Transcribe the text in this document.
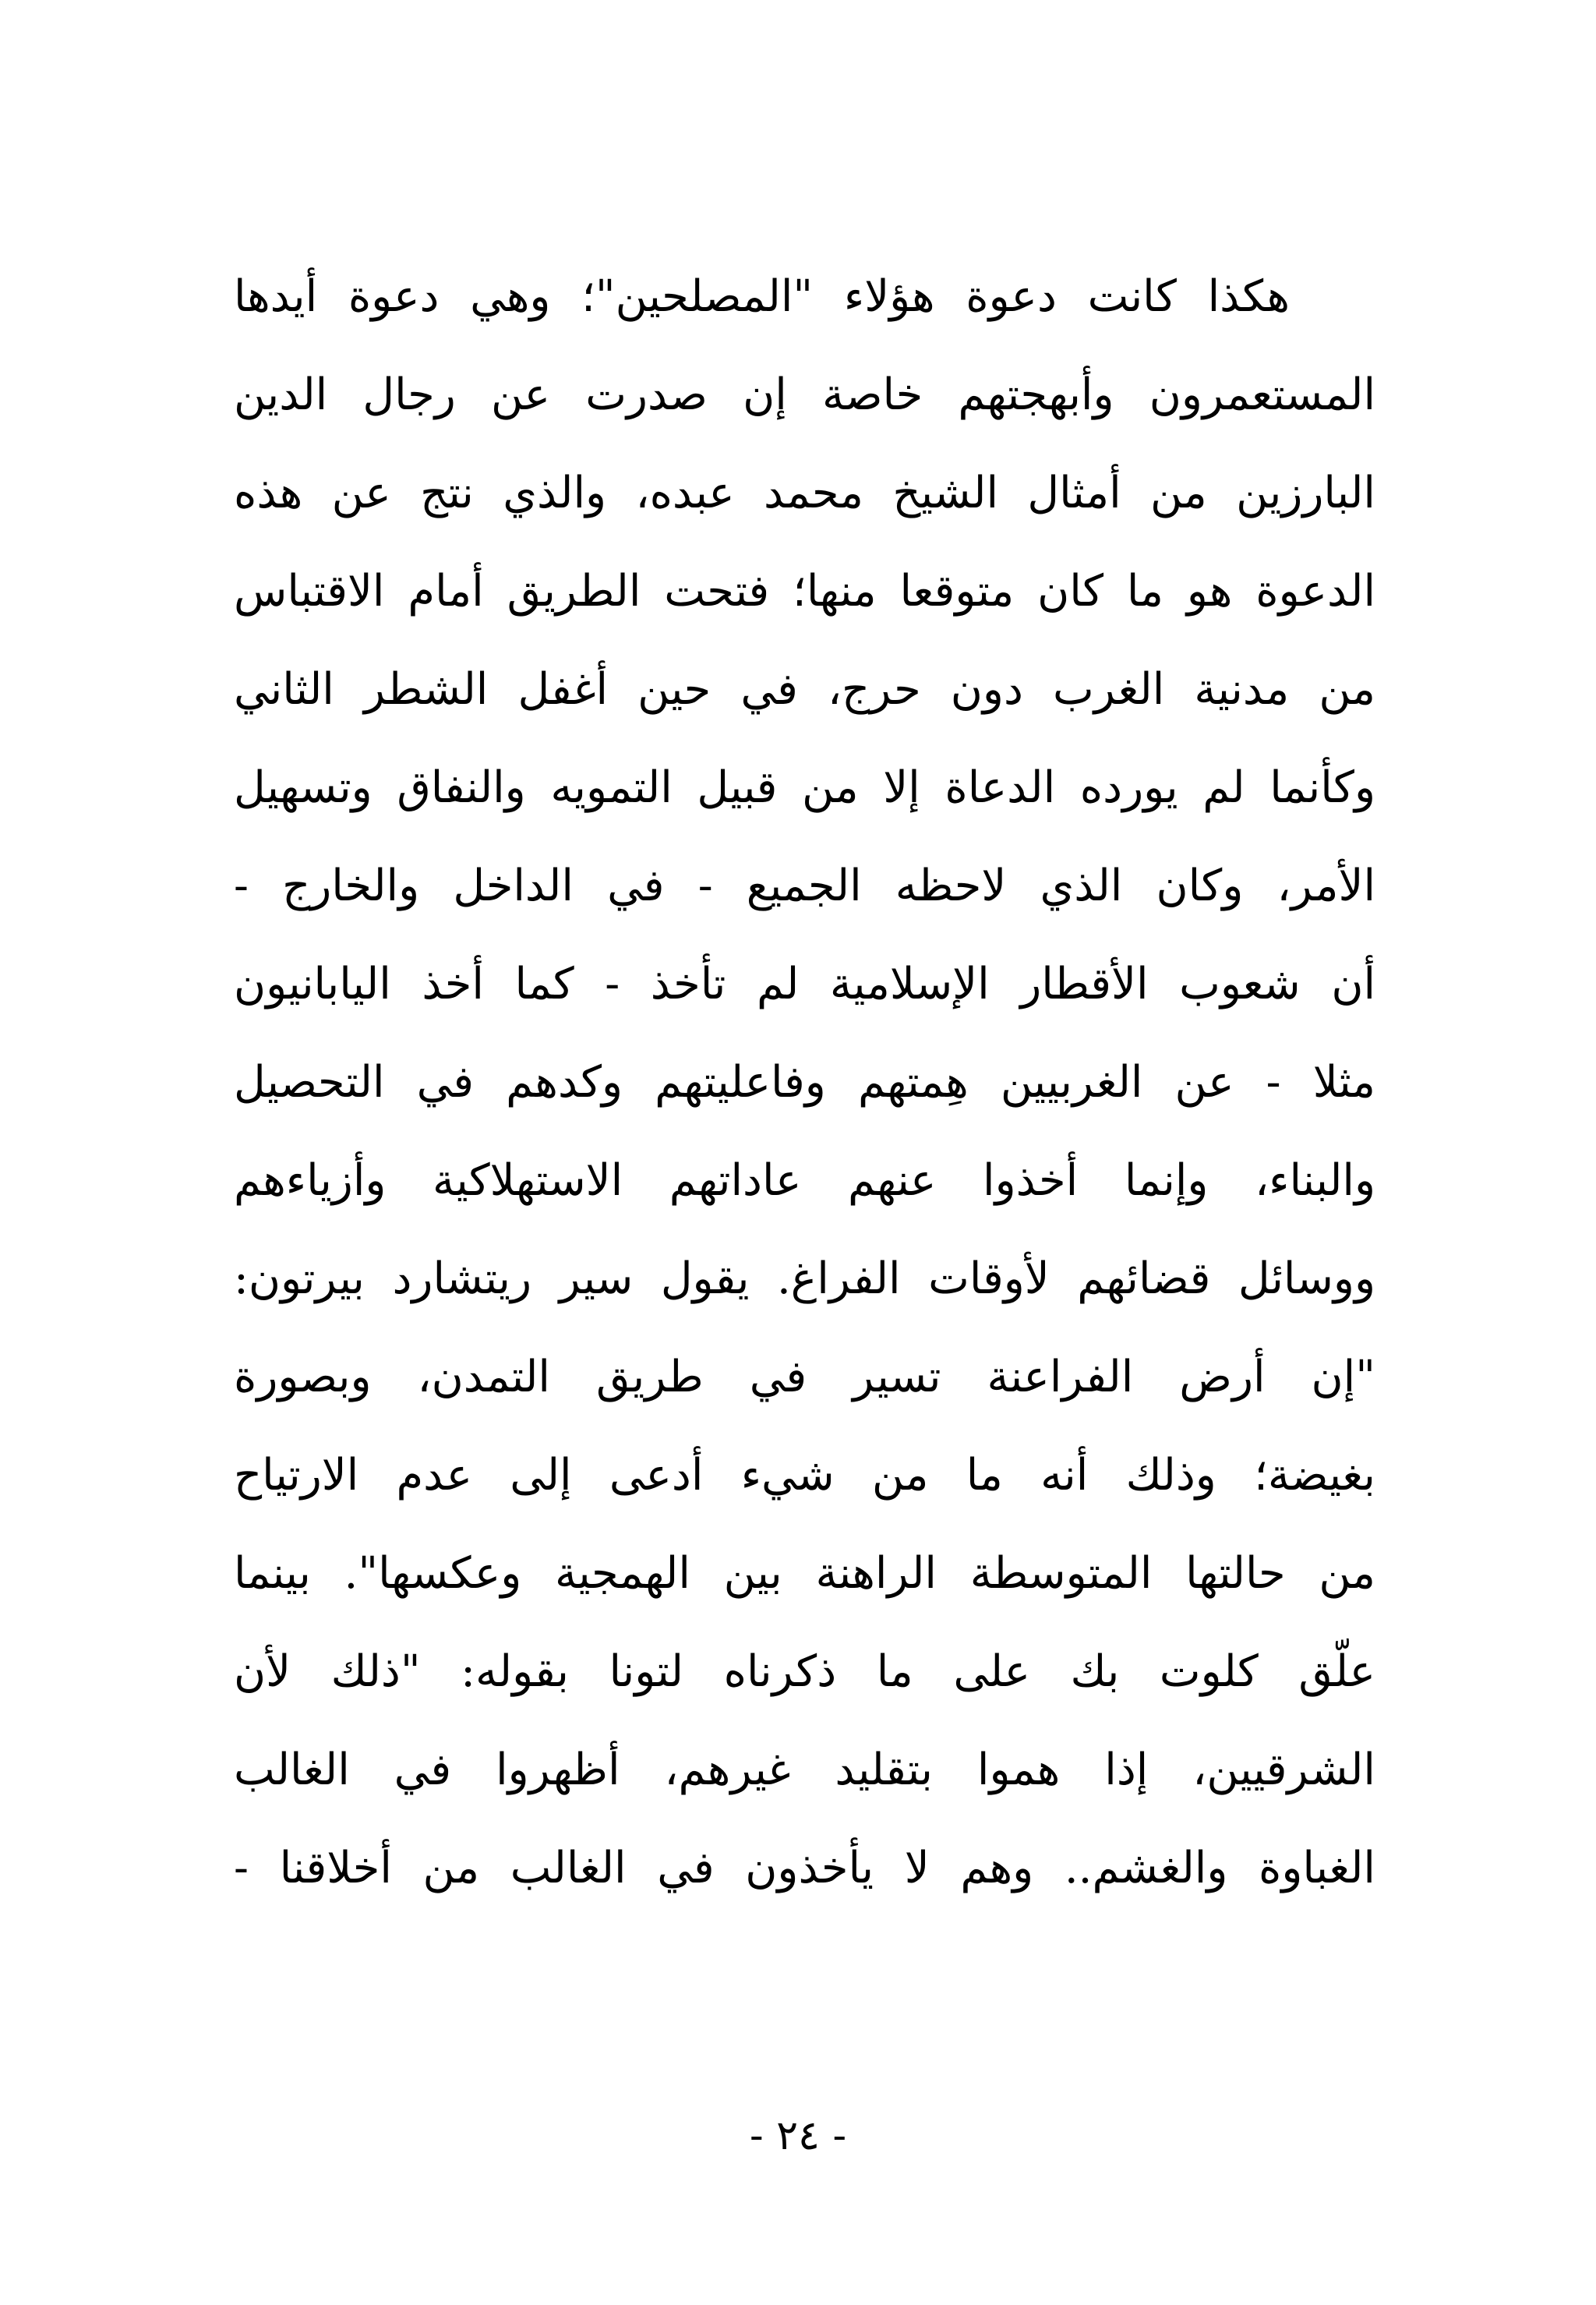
هكذا كانت دعوة هؤلاء "المصلحين"؛ وهي دعوة أيدها
المستعمرون وأبهجتهم خاصة إن صدرت عن رجال الدين
البارزين من أمثال الشيخ محمد عبده، والذي نتج عن هذه
الدعوة هو ما كان متوقعا منها؛ فتحت الطريق أمام الاقتباس
من مدنية الغرب دون حرج، في حين أغفل الشطر الثاني
وكأنما لم يورده الدعاة إلا من قبيل التمويه والنفاق وتسهيل
الأمر، وكان الذي لاحظه الجميع - في الداخل والخارج -
أن شعوب الأقطار الإسلامية لم تأخذ - كما أخذ اليابانيون
مثلا - عن الغربيين هِمتهم وفاعليتهم وكدهم في التحصيل
والبناء، وإنما أخذوا عنهم عاداتهم الاستهلاكية وأزياءهم
ووسائل قضائهم لأوقات الفراغ. يقول سير ريتشارد بيرتون:
"إن أرض الفراعنة تسير في طريق التمدن، وبصورة
بغيضة؛ وذلك أنه ما من شيء أدعى إلى عدم الارتياح
من حالتها المتوسطة الراهنة بين الهمجية وعكسها". بينما
علّق كلوت بك على ما ذكرناه لتونا بقوله: "ذلك لأن
الشرقيين، إذا هموا بتقليد غيرهم، أظهروا في الغالب
الغباوة والغشم.. وهم لا يأخذون في الغالب من أخلاقنا -
- ٢٤ -
